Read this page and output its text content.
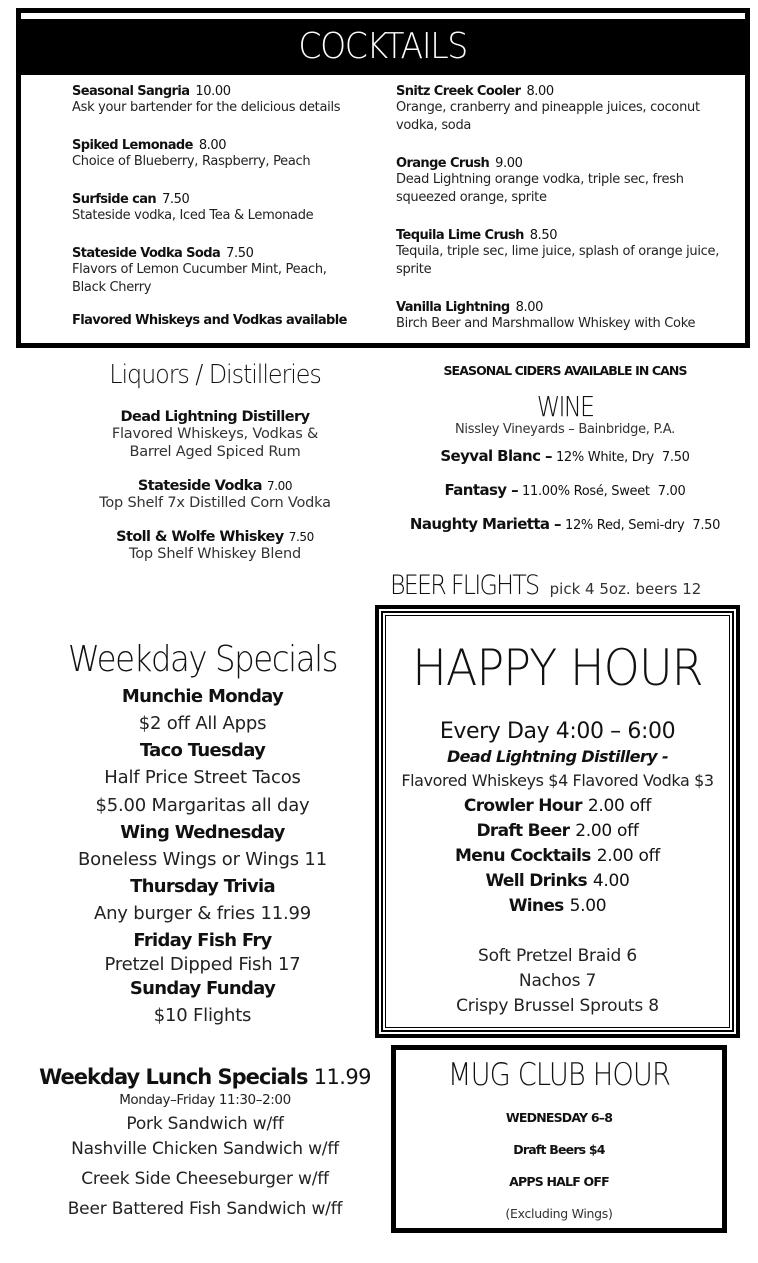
COCKTAILS
Seasonal Sangria 10.00
Ask your bartender for the delicious details
Spiked Lemonade 8.00
Choice of Blueberry, Raspberry, Peach
Surfside can 7.50
Stateside vodka, Iced Tea & Lemonade
Stateside Vodka Soda 7.50
Flavors of Lemon Cucumber Mint, Peach, Black Cherry
Flavored Whiskeys and Vodkas available
Snitz Creek Cooler 8.00
Orange, cranberry and pineapple juices, coconut vodka, soda
Orange Crush 9.00
Dead Lightning orange vodka, triple sec, fresh squeezed orange, sprite
Tequila Lime Crush 8.50
Tequila, triple sec, lime juice, splash of orange juice, sprite
Vanilla Lightning 8.00
Birch Beer and Marshmallow Whiskey with Coke
Liquors / Distilleries
Dead Lightning Distillery
Flavored Whiskeys, Vodkas &
Barrel Aged Spiced Rum
Stateside Vodka 7.00
Top Shelf 7x Distilled Corn Vodka
Stoll & Wolfe Whiskey 7.50
Top Shelf Whiskey Blend
SEASONAL CIDERS AVAILABLE IN CANS
WINE
Nissley Vineyards – Bainbridge, P.A.
Seyval Blanc – 12% White, Dry 7.50
Fantasy – 11.00% Rosé, Sweet 7.00
Naughty Marietta – 12% Red, Semi-dry 7.50
BEER FLIGHTS pick 4 5oz. beers 12
Weekday Specials
Munchie Monday
$2 off All Apps
Taco Tuesday
Half Price Street Tacos
$5.00 Margaritas all day
Wing Wednesday
Boneless Wings or Wings 11
Thursday Trivia
Any burger & fries 11.99
Friday Fish Fry
Pretzel Dipped Fish 17
Sunday Funday
$10 Flights
HAPPY HOUR
Every Day 4:00 – 6:00
Dead Lightning Distillery -
Flavored Whiskeys $4 Flavored Vodka $3
Crowler Hour 2.00 off
Draft Beer 2.00 off
Menu Cocktails 2.00 off
Well Drinks 4.00
Wines 5.00
Soft Pretzel Braid 6
Nachos 7
Crispy Brussel Sprouts 8
Weekday Lunch Specials 11.99
Monday–Friday 11:30–2:00
Pork Sandwich w/ff
Nashville Chicken Sandwich w/ff
Creek Side Cheeseburger w/ff
Beer Battered Fish Sandwich w/ff
MUG CLUB HOUR
WEDNESDAY 6–8
Draft Beers $4
APPS HALF OFF
(Excluding Wings)
